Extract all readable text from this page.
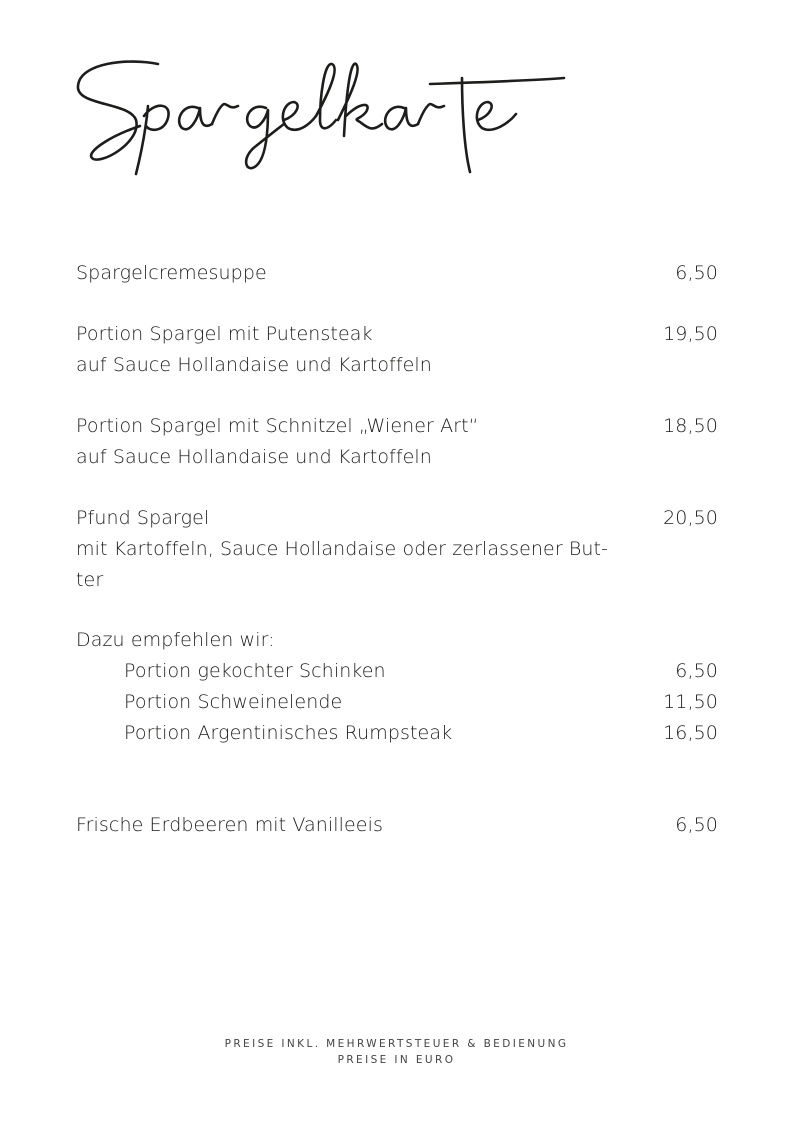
Spargelcremesuppe	6,50
Portion Spargel mit Putensteak	19,50
auf Sauce Hollandaise und Kartoffeln
Portion Spargel mit Schnitzel „Wiener Art“	18,50
auf Sauce Hollandaise und Kartoffeln
Pfund Spargel	20,50
mit Kartoffeln, Sauce Hollandaise oder zerlassener But-
ter
Dazu empfehlen wir:
Portion gekochter Schinken	6,50
Portion Schweinelende	11,50
Portion Argentinisches Rumpsteak	16,50
Frische Erdbeeren mit Vanilleeis	6,50
PREISE INKL. MEHRWERTSTEUER & BEDIENUNG
PREISE IN EURO
